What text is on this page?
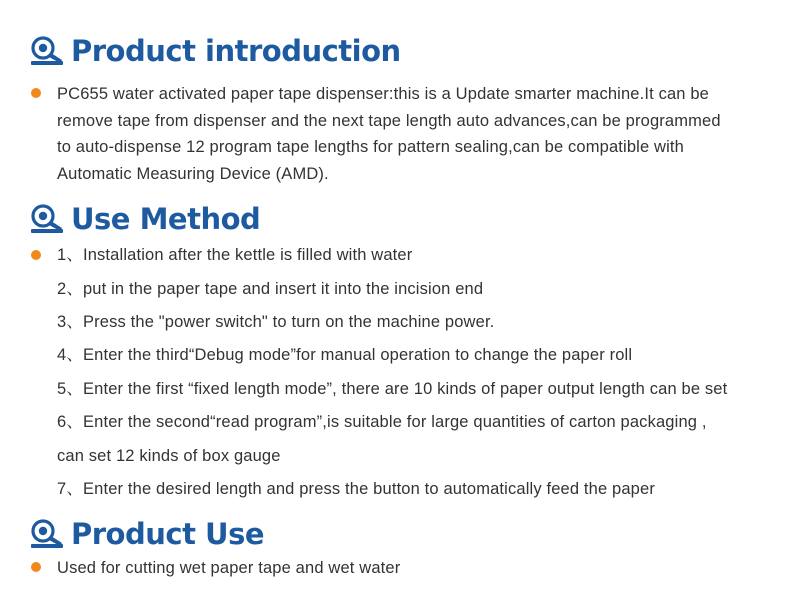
Product introduction
PC655 water activated paper tape dispenser:this is a Update smarter machine.It can be
remove tape from dispenser and the next tape length auto advances,can be programmed
to auto-dispense 12 program tape lengths for pattern sealing,can be compatible with
Automatic Measuring Device (AMD).
Use Method
1、Installation after the kettle is filled with water
2、put in the paper tape and insert it into the incision end
3、Press the "power switch" to turn on the machine power.
4、Enter the third“Debug mode”for manual operation to change the paper roll
5、Enter the first “fixed length mode”, there are 10 kinds of paper output length can be set
6、Enter the second“read program”,is suitable for large quantities of carton packaging ,
can set 12 kinds of box gauge
7、Enter the desired length and press the button to automatically feed the paper
Product Use
Used for cutting wet paper tape and wet water
